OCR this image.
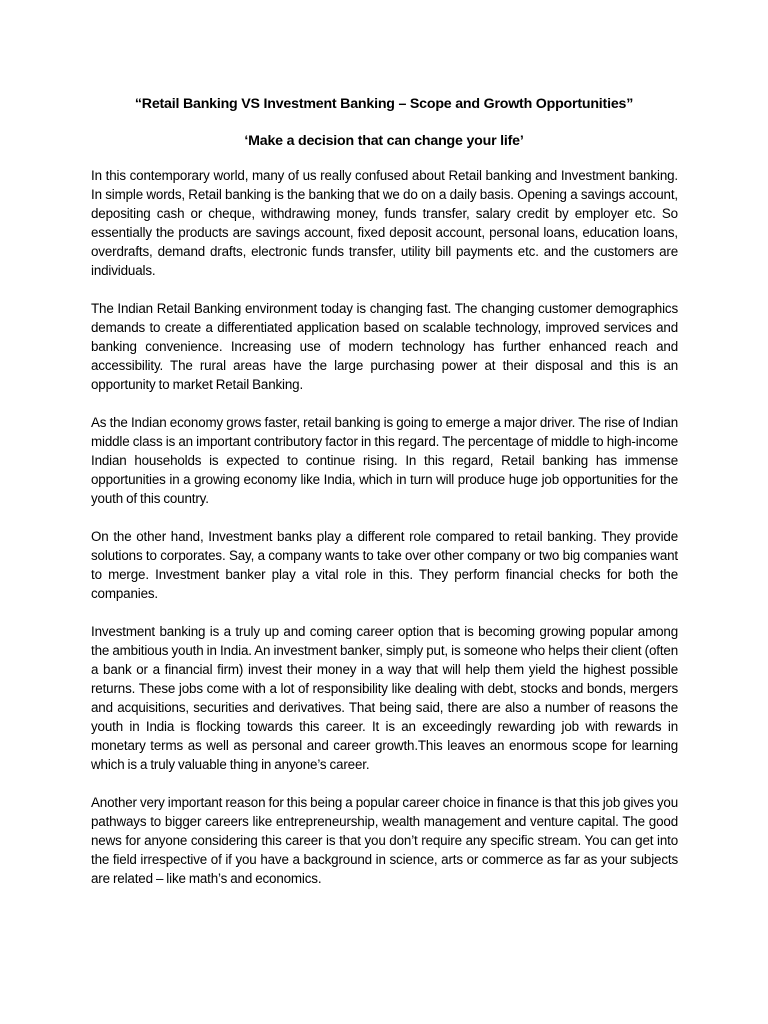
“Retail Banking VS Investment Banking – Scope and Growth Opportunities”
‘Make a decision that can change your life’

In this contemporary world, many of us really confused about Retail banking and Investment banking. In simple words, Retail banking is the banking that we do on a daily basis. Opening a savings account, depositing cash or cheque, withdrawing money, funds transfer, salary credit by employer etc. So essentially the products are savings account, fixed deposit account, personal loans, education loans, overdrafts, demand drafts, electronic funds transfer, utility bill payments etc. and the customers are individuals.

The Indian Retail Banking environment today is changing fast. The changing customer demographics demands to create a differentiated application based on scalable technology, improved services and banking convenience. Increasing use of modern technology has further enhanced reach and accessibility. The rural areas have the large purchasing power at their disposal and this is an opportunity to market Retail Banking.

As the Indian economy grows faster, retail banking is going to emerge a major driver. The rise of Indian middle class is an important contributory factor in this regard. The percentage of middle to high-income Indian households is expected to continue rising. In this regard, Retail banking has immense opportunities in a growing economy like India, which in turn will produce huge job opportunities for the youth of this country.

On the other hand, Investment banks play a different role compared to retail banking. They provide solutions to corporates. Say, a company wants to take over other company or two big companies want to merge. Investment banker play a vital role in this. They perform financial checks for both the companies.

Investment banking is a truly up and coming career option that is becoming growing popular among the ambitious youth in India. An investment banker, simply put, is someone who helps their client (often a bank or a financial firm) invest their money in a way that will help them yield the highest possible returns. These jobs come with a lot of responsibility like dealing with debt, stocks and bonds, mergers and acquisitions, securities and derivatives. That being said, there are also a number of reasons the youth in India is flocking towards this career. It is an exceedingly rewarding job with rewards in monetary terms as well as personal and career growth.This leaves an enormous scope for learning which is a truly valuable thing in anyone’s career.

Another very important reason for this being a popular career choice in finance is that this job gives you pathways to bigger careers like entrepreneurship, wealth management and venture capital. The good news for anyone considering this career is that you don’t require any specific stream. You can get into the field irrespective of if you have a background in science, arts or commerce as far as your subjects are related – like math’s and economics.
